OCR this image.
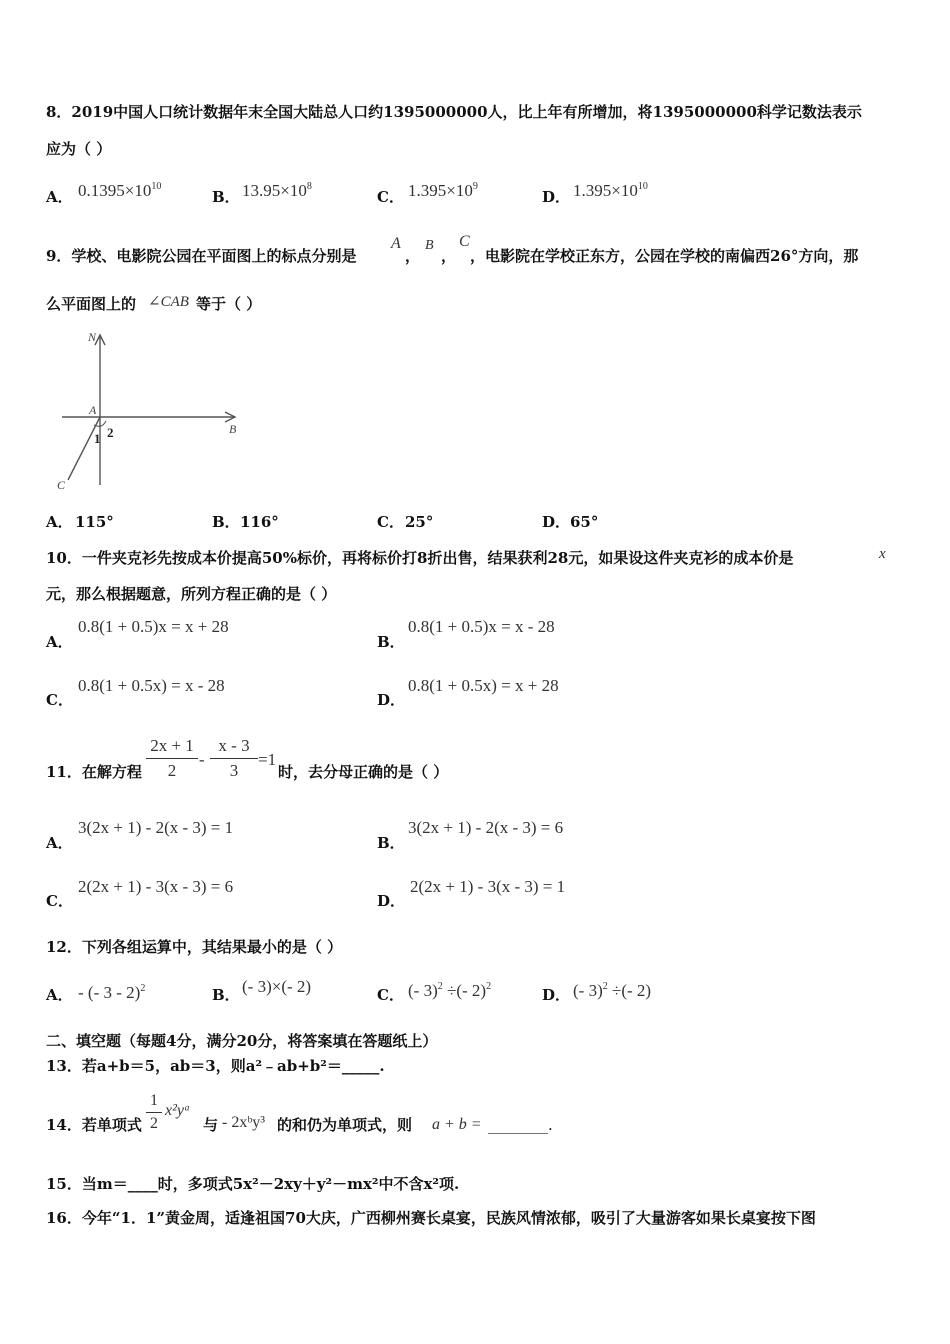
8．2019中国人口统计数据年末全国大陆总人口约1395000000人，比上年有所增加，将1395000000科学记数法表示
应为（ ）
A． $0.1395\times 10^{10}$
B． $13.95\times 10^8$
C． $1.395\times 10^9$
D． $1.395\times 10^{10}$
9．学校、电影院公园在平面图上的标点分别是
A
，
B
，
C
，电影院在学校正东方，公园在学校的南偏西26°方向，那
么平面图上的 ∠CAB 等于（ ）
N
A
B
C
1 2
A． 115°	B． 116°	C． 25°	D． 65°
10．一件夹克衫先按成本价提高50%标价，再将标价打8折出售，结果获利28元，如果设这件夹克衫的成本价是	x
元，那么根据题意，所列方程正确的是（ ）
A．
0.8(1 + 0.5)x = x + 28
B．
0.8(1 + 0.5)x = x - 28
C．
0.8(1 + 0.5x) = x - 28
D．
0.8(1 + 0.5x) = x + 28
11．在解方程 $\frac{2x + 1}{2} - \frac{x - 3}{3} =1$
时，去分母正确的是（ ）
A．
3(2x + 1) - 2(x - 3) = 1
B．
3(2x + 1) - 2(x - 3) = 6
C．
2(2x + 1) - 3(x - 3) = 6
D．
2(2x + 1) - 3(x - 3) = 1
12．下列各组运算中，其结果最小的是（ ）
A． - (- 3 - 2)$^2$	B． (- 3)×(- 2)	C． (- 3)$^2$ ÷(- 2)$^2$	D． (- 3)$^2$ ÷(- 2)
二、填空题（每题4分，满分20分，将答案填在答题纸上）
13．若a+b＝5，ab＝3，则a²﹣ab+b²＝_____.
14．若单项式 $\frac{1}{2}$ x²yᵃ
与 - 2xᵇy³ 的和仍为单项式，则 a + b = ________.
15．当m＝____时，多项式5x²－2xy＋y²－mx²中不含x²项.
16．今年“1．1”黄金周，适逢祖国70大庆，广西柳州赛长桌宴，民族风情浓郁，吸引了大量游客如果长桌宴按下图
